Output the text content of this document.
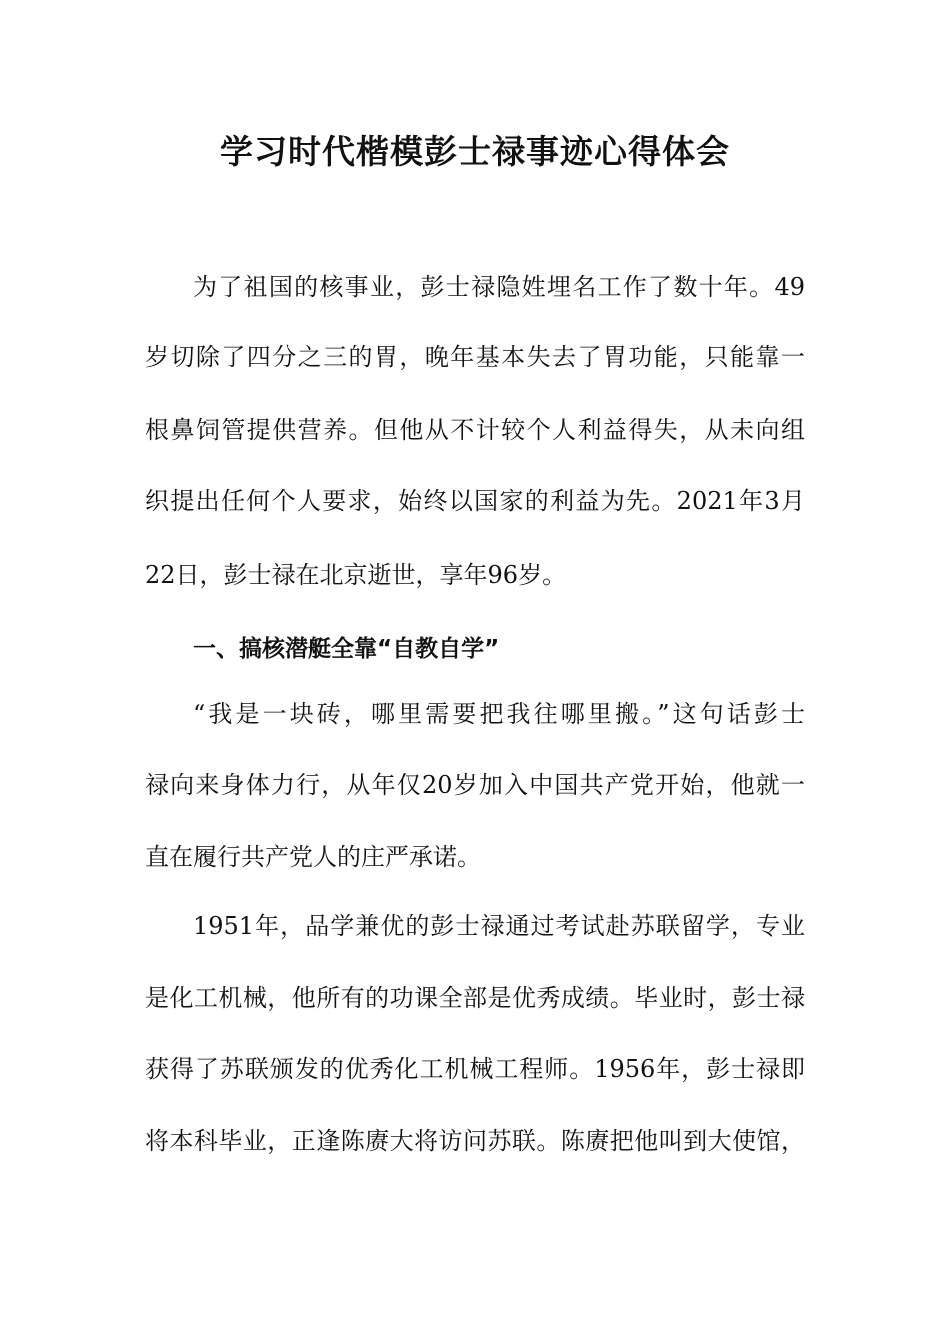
学习时代楷模彭士禄事迹心得体会

为了祖国的核事业，彭士禄隐姓埋名工作了数十年。49

岁切除了四分之三的胃，晚年基本失去了胃功能，只能靠一

根鼻饲管提供营养。但他从不计较个人利益得失，从未向组

织提出任何个人要求，始终以国家的利益为先。2021年3月

22日，彭士禄在北京逝世，享年96岁。

一、搞核潜艇全靠“自教自学”

“我是一块砖，哪里需要把我往哪里搬。”这句话彭士

禄向来身体力行，从年仅20岁加入中国共产党开始，他就一

直在履行共产党人的庄严承诺。

1951年，品学兼优的彭士禄通过考试赴苏联留学，专业

是化工机械，他所有的功课全部是优秀成绩。毕业时，彭士禄

获得了苏联颁发的优秀化工机械工程师。1956年，彭士禄即

将本科毕业，正逢陈赓大将访问苏联。陈赓把他叫到大使馆，
